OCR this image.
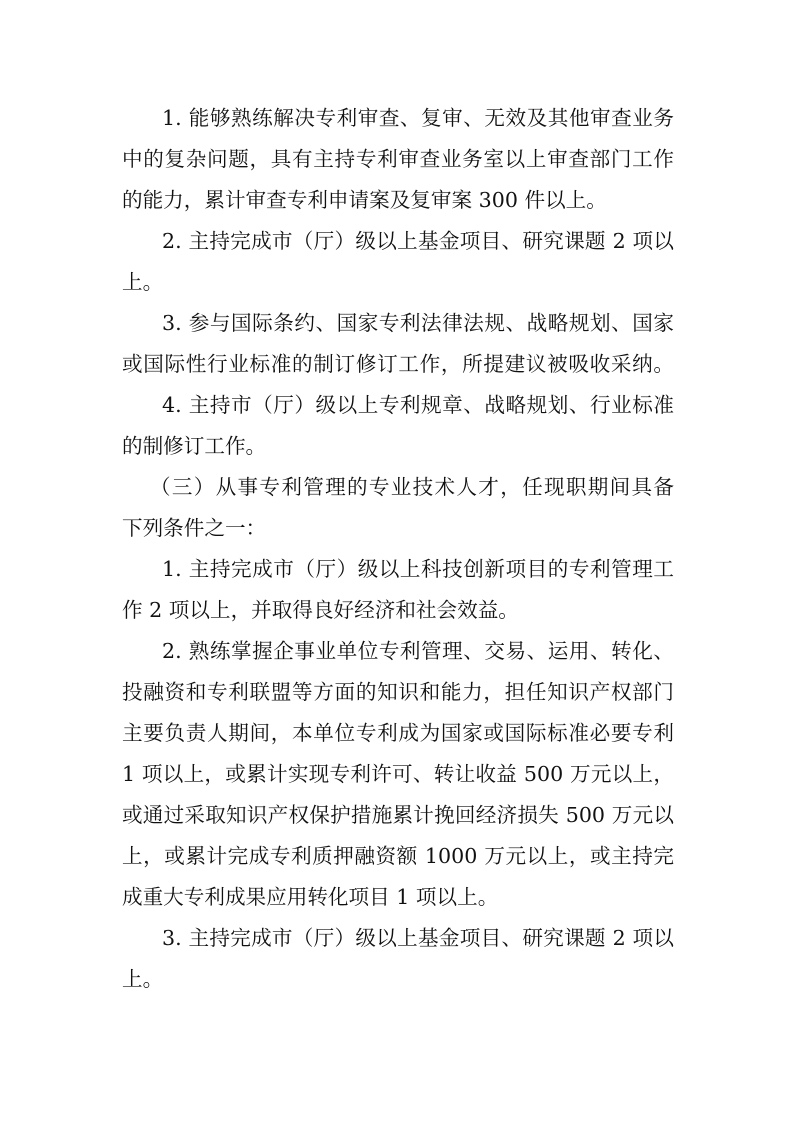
1. 能够熟练解决专利审查、复审、无效及其他审查业务

中的复杂问题，具有主持专利审查业务室以上审查部门工作

的能力，累计审查专利申请案及复审案 300 件以上。

2. 主持完成市（厅）级以上基金项目、研究课题 2 项以

上。

3. 参与国际条约、国家专利法律法规、战略规划、国家

或国际性行业标准的制订修订工作，所提建议被吸收采纳。

4. 主持市（厅）级以上专利规章、战略规划、行业标准

的制修订工作。

（三）从事专利管理的专业技术人才，任现职期间具备

下列条件之一：

1. 主持完成市（厅）级以上科技创新项目的专利管理工

作 2 项以上，并取得良好经济和社会效益。

2. 熟练掌握企事业单位专利管理、交易、运用、转化、

投融资和专利联盟等方面的知识和能力，担任知识产权部门

主要负责人期间，本单位专利成为国家或国际标准必要专利

1 项以上，或累计实现专利许可、转让收益 500 万元以上，

或通过采取知识产权保护措施累计挽回经济损失 500 万元以

上，或累计完成专利质押融资额 1000 万元以上，或主持完

成重大专利成果应用转化项目 1 项以上。

3. 主持完成市（厅）级以上基金项目、研究课题 2 项以

上。
